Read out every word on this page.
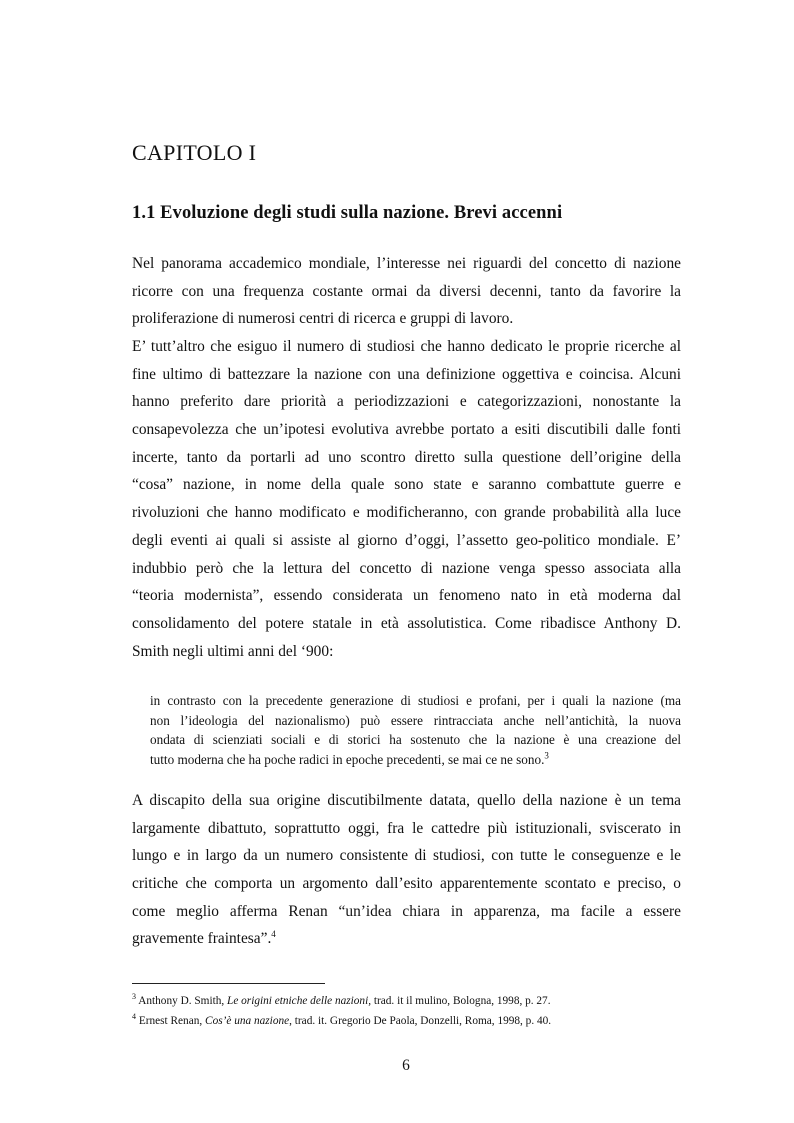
CAPITOLO I
1.1 Evoluzione degli studi sulla nazione. Brevi accenni
Nel panorama accademico mondiale, l’interesse nei riguardi del concetto di nazione
ricorre con una frequenza costante ormai da diversi decenni, tanto da favorire la
proliferazione di numerosi centri di ricerca e gruppi di lavoro.
E’ tutt’altro che esiguo il numero di studiosi che hanno dedicato le proprie ricerche al
fine ultimo di battezzare la nazione con una definizione oggettiva e coincisa. Alcuni
hanno preferito dare priorità a periodizzazioni e categorizzazioni, nonostante la
consapevolezza che un’ipotesi evolutiva avrebbe portato a esiti discutibili dalle fonti
incerte, tanto da portarli ad uno scontro diretto sulla questione dell’origine della
“cosa” nazione, in nome della quale sono state e saranno combattute guerre e
rivoluzioni che hanno modificato e modificheranno, con grande probabilità alla luce
degli eventi ai quali si assiste al giorno d’oggi, l’assetto geo-politico mondiale. E’
indubbio però che la lettura del concetto di nazione venga spesso associata alla
“teoria modernista”, essendo considerata un fenomeno nato in età moderna dal
consolidamento del potere statale in età assolutistica. Come ribadisce Anthony D.
Smith negli ultimi anni del ‘900:
in contrasto con la precedente generazione di studiosi e profani, per i quali la nazione (ma
non l’ideologia del nazionalismo) può essere rintracciata anche nell’antichità, la nuova
ondata di scienziati sociali e di storici ha sostenuto che la nazione è una creazione del
tutto moderna che ha poche radici in epoche precedenti, se mai ce ne sono.$^3$
A discapito della sua origine discutibilmente datata, quello della nazione è un tema
largamente dibattuto, soprattutto oggi, fra le cattedre più istituzionali, sviscerato in
lungo e in largo da un numero consistente di studiosi, con tutte le conseguenze e le
critiche che comporta un argomento dall’esito apparentemente scontato e preciso, o
come meglio afferma Renan “un’idea chiara in apparenza, ma facile a essere
gravemente fraintesa”.$^4$
$^3$ Anthony D. Smith, Le origini etniche delle nazioni, trad. it il mulino, Bologna, 1998, p. 27.
$^4$ Ernest Renan, Cos’è una nazione, trad. it. Gregorio De Paola, Donzelli, Roma, 1998, p. 40.
6
